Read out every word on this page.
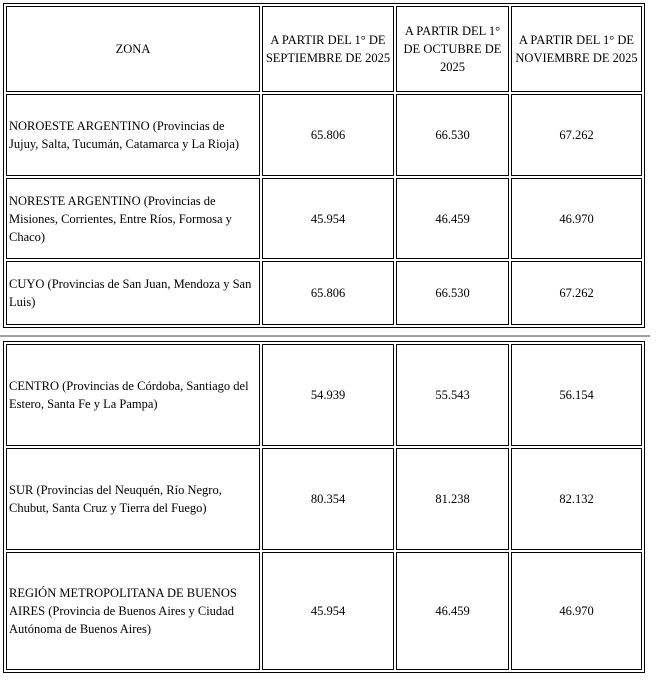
ZONA	A PARTIR DEL 1° DE SEPTIEMBRE DE 2025	A PARTIR DEL 1° DE OCTUBRE DE 2025	A PARTIR DEL 1° DE NOVIEMBRE DE 2025
NOROESTE ARGENTINO (Provincias de Jujuy, Salta, Tucumán, Catamarca y La Rioja)	65.806	66.530	67.262
NORESTE ARGENTINO (Provincias de Misiones, Corrientes, Entre Ríos, Formosa y Chaco)	45.954	46.459	46.970
CUYO (Provincias de San Juan, Mendoza y San Luis)	65.806	66.530	67.262
CENTRO (Provincias de Córdoba, Santiago del Estero, Santa Fe y La Pampa)	54.939	55.543	56.154
SUR (Provincias del Neuquén, Río Negro, Chubut, Santa Cruz y Tierra del Fuego)	80.354	81.238	82.132
REGIÓN METROPOLITANA DE BUENOS AIRES (Provincia de Buenos Aires y Ciudad Autónoma de Buenos Aires)	45.954	46.459	46.970
